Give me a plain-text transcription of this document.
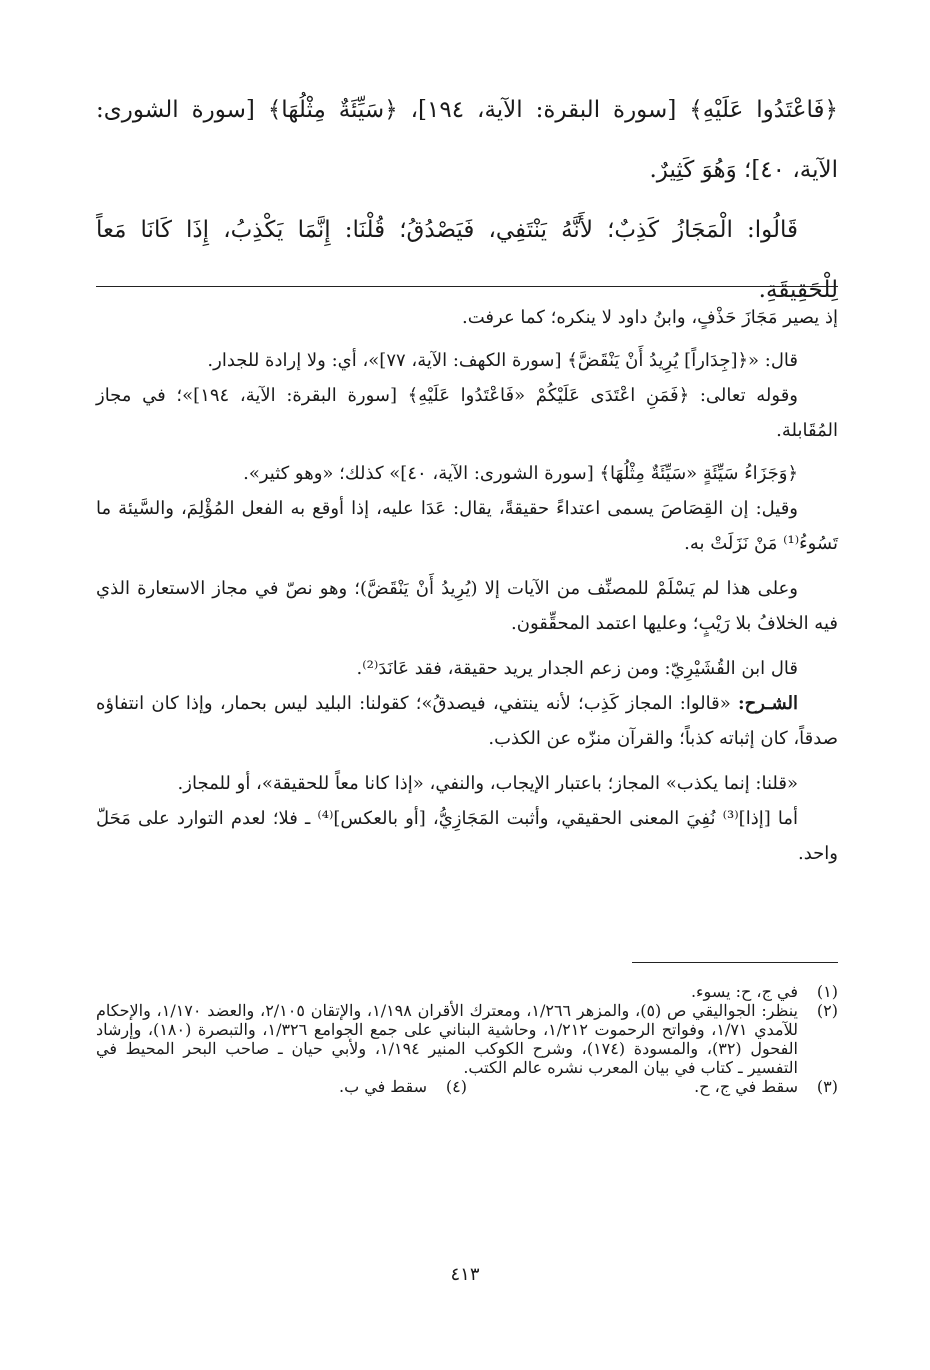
﴿فَاعْتَدُوا عَلَيْهِ﴾ [سورة البقرة: الآية، ١٩٤]، ﴿سَيِّئَةٌ مِثْلُهَا﴾ [سورة الشورى: الآية، ٤٠]؛ وَهُوَ كَثِيرٌ.

قَالُوا: الْمَجَازُ كَذِبٌ؛ لأَنَّهُ يَنْتَفِي، فَيَصْدُقُ؛ قُلْنَا: إِنَّمَا يَكْذِبُ، إِذَا كَانَا مَعاً لِلْحَقِيقَةِ.

إذ يصير مَجَازَ حَذْفٍ، وابنُ داود لا ينكره؛ كما عرفت.

قال: «﴿[جِدَاراً] يُرِيدُ أَنْ يَنْقَضَّ﴾ [سورة الكهف: الآية، ٧٧]»، أي: ولا إرادة للجدار.

وقوله تعالى: ﴿فَمَنِ اعْتَدَى عَلَيْكُمْ «فَاعْتَدُوا عَلَيْهِ﴾ [سورة البقرة: الآية، ١٩٤]»؛ في مجاز المُقَابلة.

﴿وَجَزَاءُ سَيِّئَةٍ «سَيِّئَةٌ مِثْلُهَا﴾ [سورة الشورى: الآية، ٤٠]» كذلك؛ «وهو كثير».

وقيل: إن القِصَاصَ يسمى اعتداءً حقيقةً، يقال: عَدَا عليه، إذا أوقع به الفعل المُؤْلِمَ، والسَّيئة ما تَسُوءُ⁽¹⁾ مَنْ نَزَلَتْ به.

وعلى هذا لم يَسْلَمْ للمصنِّف من الآيات إلا (يُرِيدُ أَنْ يَنْقَضَّ)؛ وهو نصّ في مجاز الاستعارة الذي فيه الخلافُ بلا رَيْبٍ؛ وعليها اعتمد المحقِّقون.

قال ابن القُشَيْرِيّ: ومن زعم الجدار يريد حقيقة، فقد عَانَدَ⁽²⁾.

الشـرح: «قالوا: المجاز كَذِب؛ لأنه ينتفي، فيصدقُ»؛ كقولنا: البليد ليس بحمار، وإذا كان انتفاؤه صدقاً، كان إثباته كذباً؛ والقرآن منزّه عن الكذب.

«قلنا: إنما يكذب» المجاز؛ باعتبار الإيجاب، والنفي، «إذا كانا معاً للحقيقة»، أو للمجاز.

أما [إذا]⁽³⁾ نُفِيَ المعنى الحقيقي، وأثبت المَجَازِيُّ، [أو بالعكس]⁽⁴⁾ ـ فلا؛ لعدم التوارد على مَحَلّ واحد.

(١)
في ج، ح: يسوء.
(٢)
ينظر: الجواليقي ص (٥)، والمزهر ١/٢٦٦، ومعترك الأقران ١/١٩٨، والإتقان ٢/١٠٥، والعضد ١/١٧٠، والإحكام للآمدي ١/٧١، وفواتح الرحموت ١/٢١٢، وحاشية البناني على جمع الجوامع ١/٣٢٦، والتبصرة (١٨٠)، وإرشاد الفحول (٣٢)، والمسودة (١٧٤)، وشرح الكوكب المنير ١/١٩٤، ولأبي حيان ـ صاحب البحر المحيط في التفسير ـ كتاب في بيان المعرب نشره عالم الكتب.
(٣)
سقط في ج، ح.
(٤)
سقط في ب.
٤١٣
